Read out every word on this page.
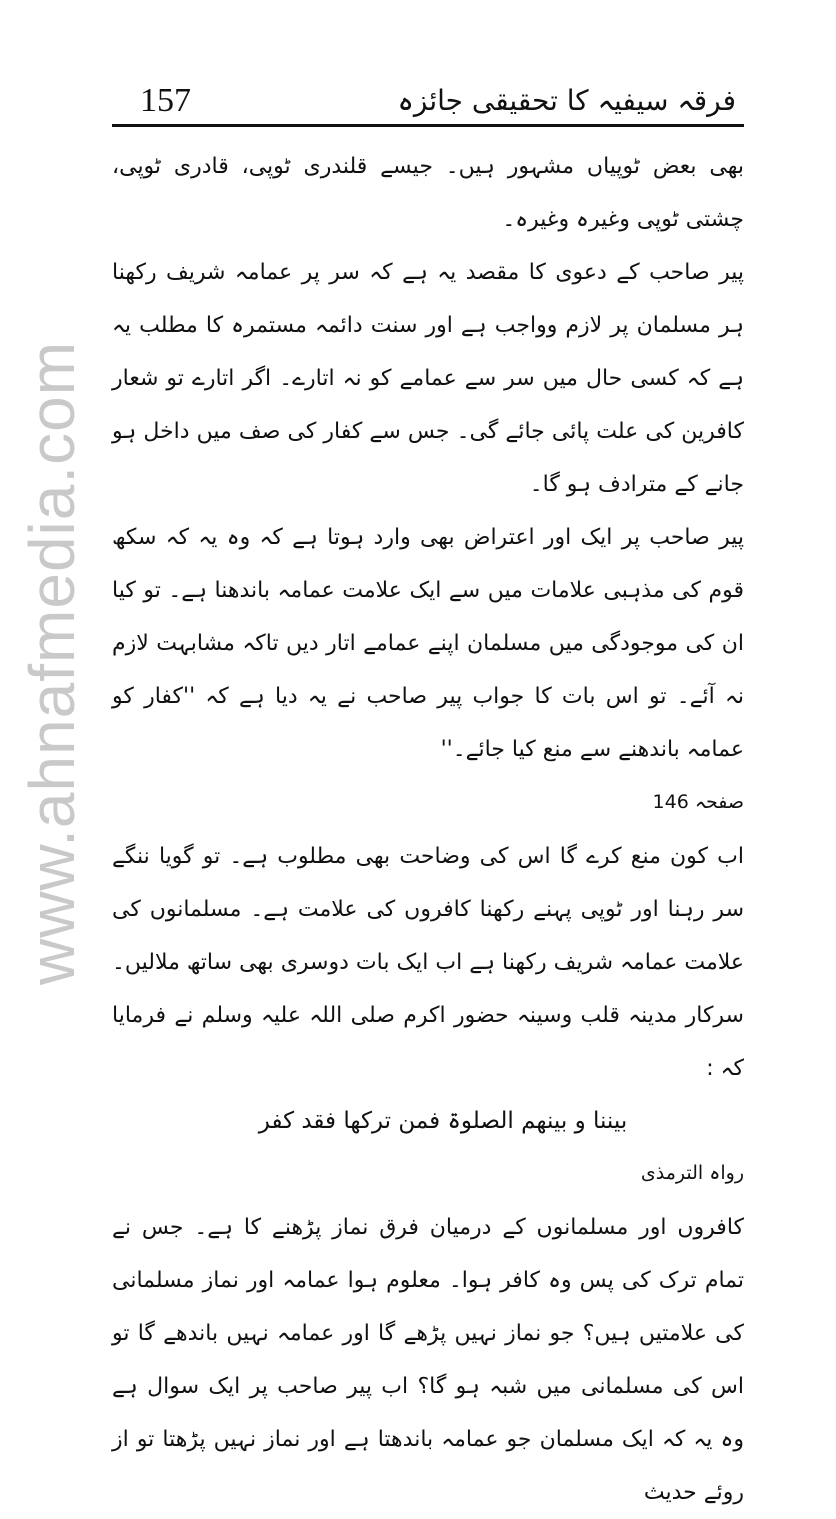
www.ahnafmedia.com
157	فرقہ سیفیہ کا تحقیقی جائزہ

بھی بعض ٹوپیاں مشہور ہیں۔ جیسے قلندری ٹوپی، قادری ٹوپی، چشتی ٹوپی وغیرہ وغیرہ۔

پیر صاحب کے دعوی کا مقصد یہ ہے کہ سر پر عمامہ شریف رکھنا ہر مسلمان پر لازم وواجب ہے اور سنت دائمہ مستمرہ کا مطلب یہ ہے کہ کسی حال میں سر سے عمامے کو نہ اتارے۔ اگر اتارے تو شعار کافرین کی علت پائی جائے گی۔ جس سے کفار کی صف میں داخل ہو جانے کے مترادف ہو گا۔

پیر صاحب پر ایک اور اعتراض بھی وارد ہوتا ہے کہ وہ یہ کہ سکھ قوم کی مذہبی علامات میں سے ایک علامت عمامہ باندھنا ہے۔ تو کیا ان کی موجودگی میں مسلمان اپنے عمامے اتار دیں تاکہ مشابہت لازم نہ آئے۔ تو اس بات کا جواب پیر صاحب نے یہ دیا ہے کہ ''کفار کو عمامہ باندھنے سے منع کیا جائے۔''

صفحہ 146

اب کون منع کرے گا اس کی وضاحت بھی مطلوب ہے۔ تو گویا ننگے سر رہنا اور ٹوپی پہنے رکھنا کافروں کی علامت ہے۔ مسلمانوں کی علامت عمامہ شریف رکھنا ہے اب ایک بات دوسری بھی ساتھ ملالیں۔ سرکار مدینہ قلب وسینہ حضور اکرم صلی اللہ علیہ وسلم نے فرمایا کہ :

بیننا و بینھم الصلوۃ فمن ترکھا فقد کفر
رواہ الترمذی

کافروں اور مسلمانوں کے درمیان فرق نماز پڑھنے کا ہے۔ جس نے تمام ترک کی پس وہ کافر ہوا۔ معلوم ہوا عمامہ اور نماز مسلمانی کی علامتیں ہیں؟ جو نماز نہیں پڑھے گا اور عمامہ نہیں باندھے گا تو اس کی مسلمانی میں شبہ ہو گا؟ اب پیر صاحب پر ایک سوال ہے وہ یہ کہ ایک مسلمان جو عمامہ باندھتا ہے اور نماز نہیں پڑھتا تو از روئے حدیث
